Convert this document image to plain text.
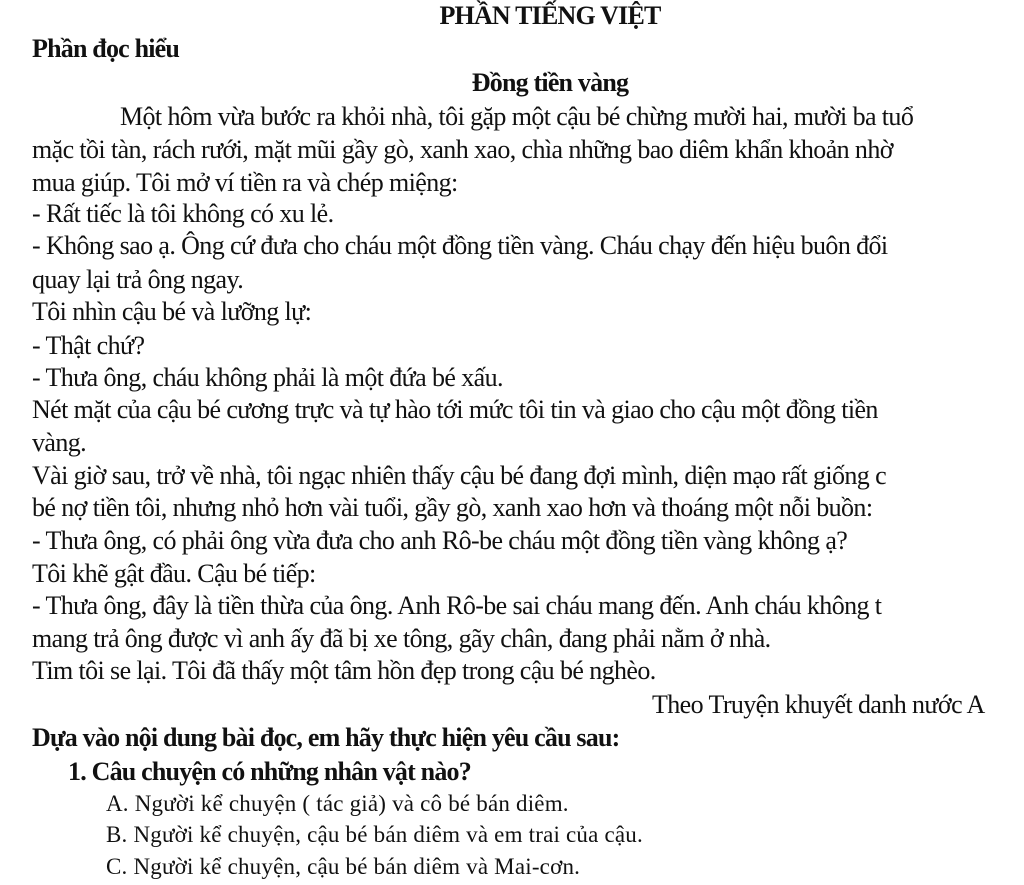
PHẦN TIẾNG VIỆT
Phần đọc hiểu
Đồng tiền vàng
Một hôm vừa bước ra khỏi nhà, tôi gặp một cậu bé chừng mười hai, mười ba tuổ
mặc tồi tàn, rách rưới, mặt mũi gầy gò, xanh xao, chìa những bao diêm khẩn khoản nhờ
mua giúp. Tôi mở ví tiền ra và chép miệng:
- Rất tiếc là tôi không có xu lẻ.
- Không sao ạ. Ông cứ đưa cho cháu một đồng tiền vàng. Cháu chạy đến hiệu buôn đổi
quay lại trả ông ngay.
Tôi nhìn cậu bé và lưỡng lự:
- Thật chứ?
- Thưa ông, cháu không phải là một đứa bé xấu.
Nét mặt của cậu bé cương trực và tự hào tới mức tôi tin và giao cho cậu một đồng tiền
vàng.
Vài giờ sau, trở về nhà, tôi ngạc nhiên thấy cậu bé đang đợi mình, diện mạo rất giống c
bé nợ tiền tôi, nhưng nhỏ hơn vài tuổi, gầy gò, xanh xao hơn và thoáng một nỗi buồn:
- Thưa ông, có phải ông vừa đưa cho anh Rô-be cháu một đồng tiền vàng không ạ?
Tôi khẽ gật đầu. Cậu bé tiếp:
- Thưa ông, đây là tiền thừa của ông. Anh Rô-be sai cháu mang đến. Anh cháu không t
mang trả ông được vì anh ấy đã bị xe tông, gãy chân, đang phải nằm ở nhà.
Tim tôi se lại. Tôi đã thấy một tâm hồn đẹp trong cậu bé nghèo.
Theo Truyện khuyết danh nước A
Dựa vào nội dung bài đọc, em hãy thực hiện yêu cầu sau:
1. Câu chuyện có những nhân vật nào?
A. Người kể chuyện ( tác giả) và cô bé bán diêm.
B. Người kể chuyện, cậu bé bán diêm và em trai của cậu.
C. Người kể chuyện, cậu bé bán diêm và Mai-cơn.
